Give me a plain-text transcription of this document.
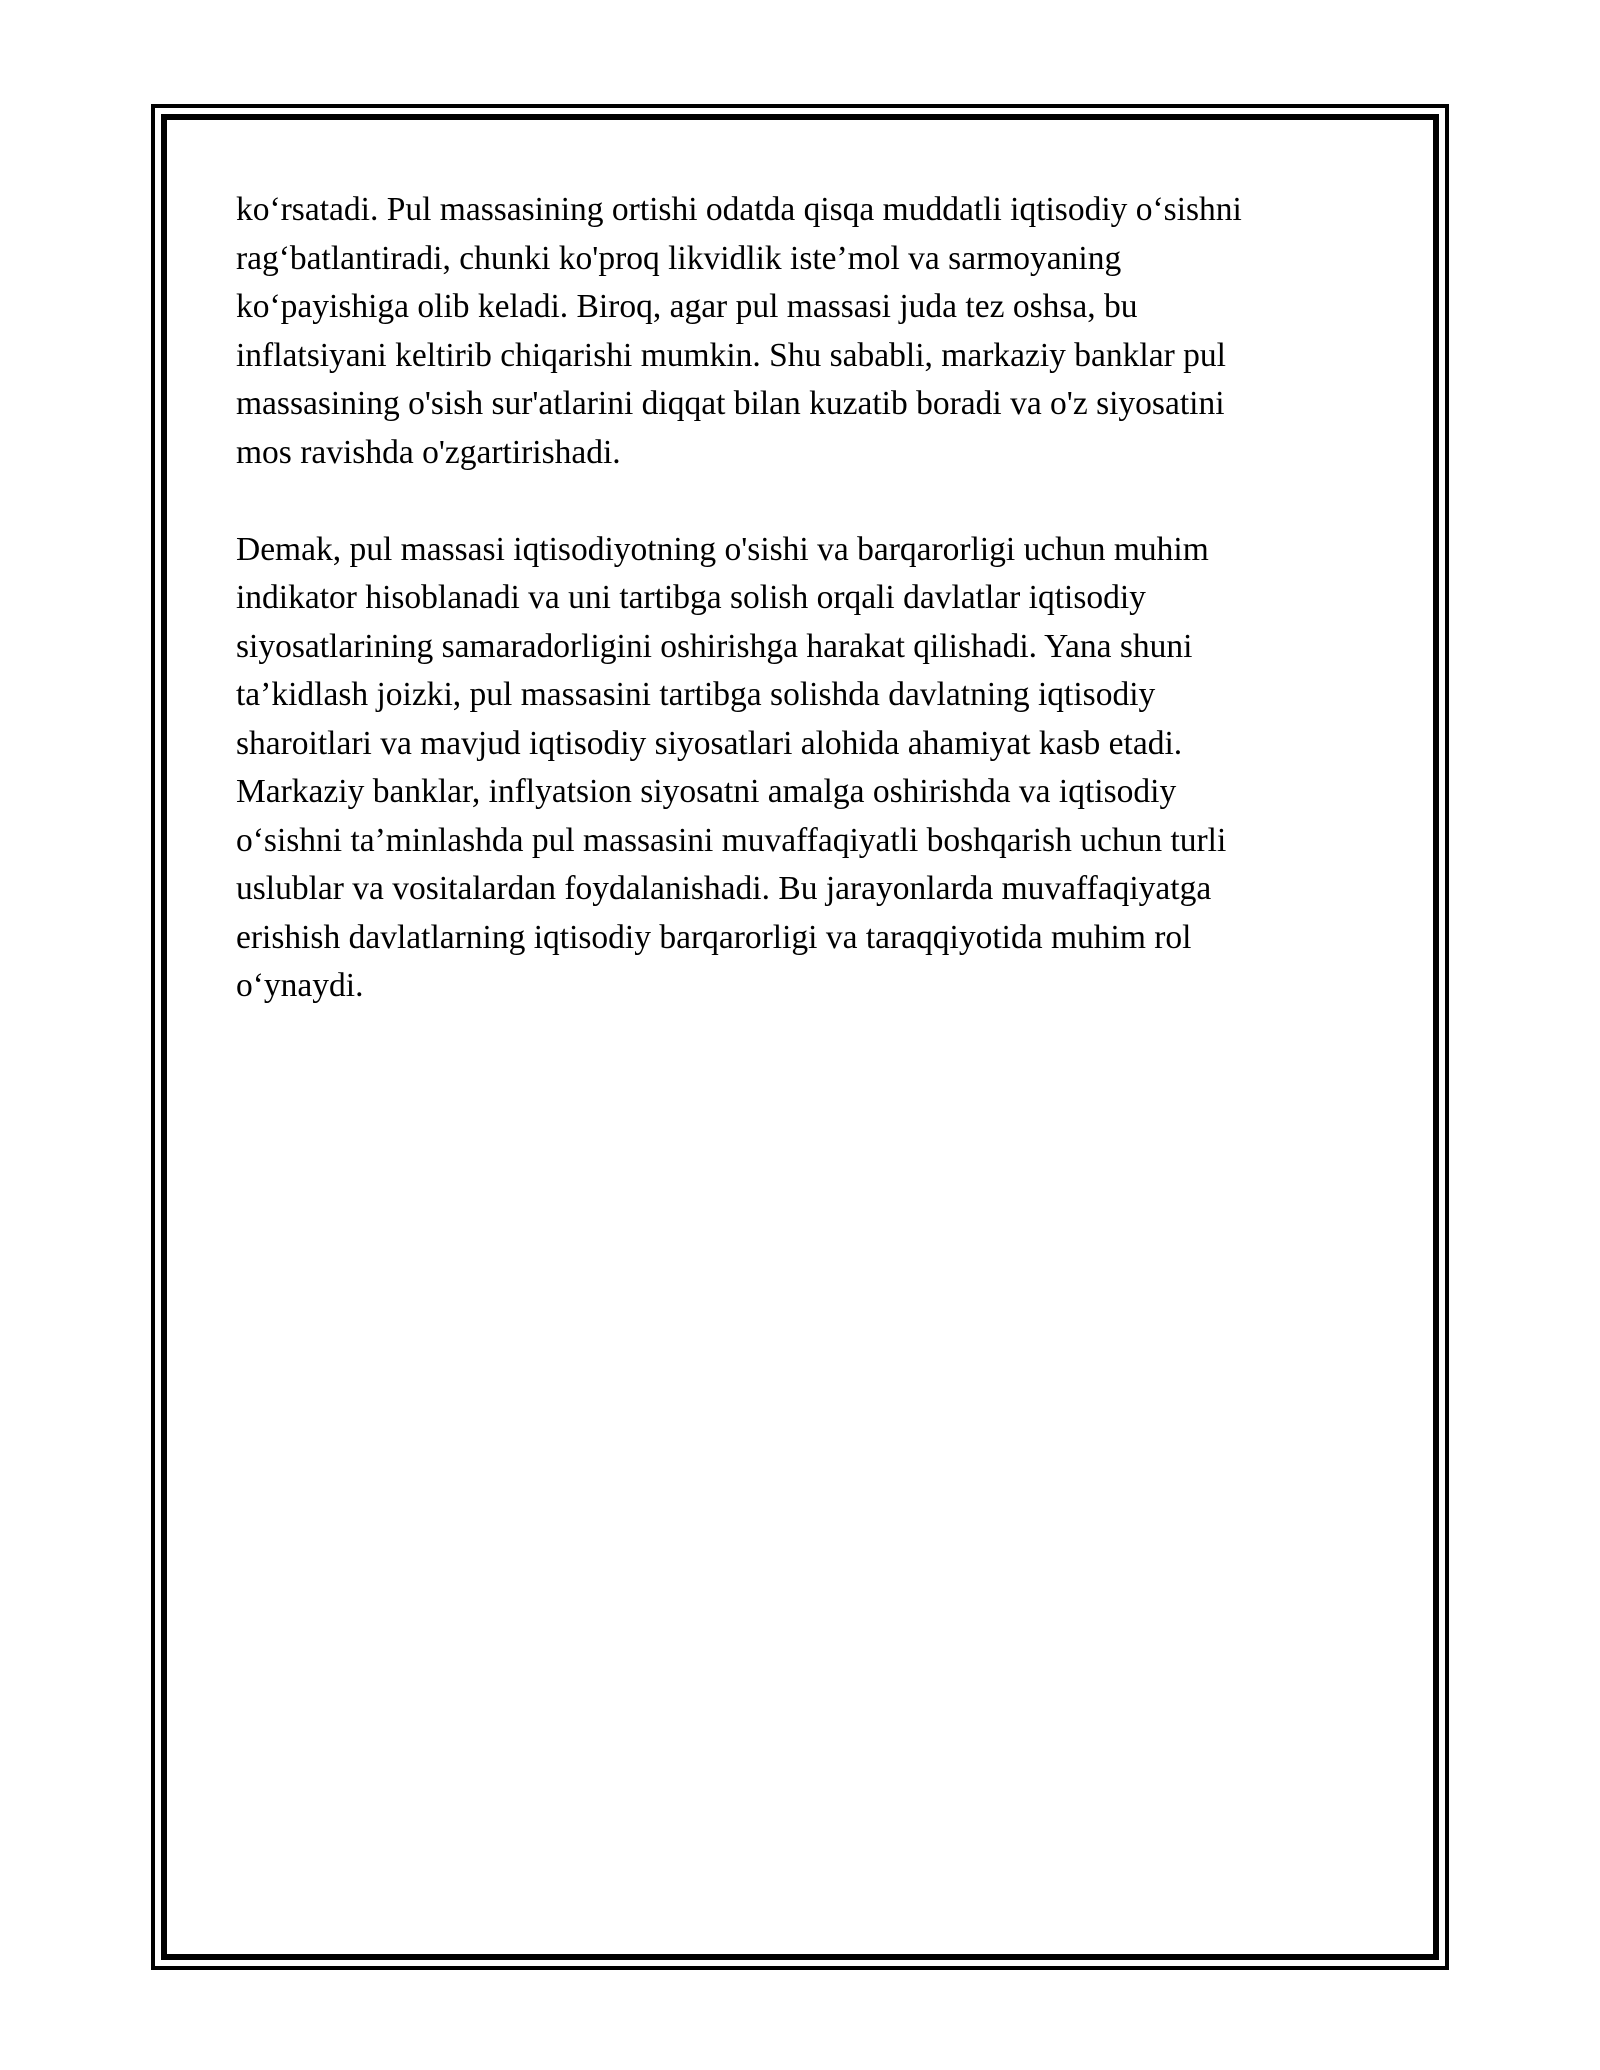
ko‘rsatadi. Pul massasining ortishi odatda qisqa muddatli iqtisodiy o‘sishni
rag‘batlantiradi, chunki ko'proq likvidlik iste’mol va sarmoyaning
ko‘payishiga olib keladi. Biroq, agar pul massasi juda tez oshsa, bu
inflatsiyani keltirib chiqarishi mumkin. Shu sababli, markaziy banklar pul
massasining o'sish sur'atlarini diqqat bilan kuzatib boradi va o'z siyosatini
mos ravishda o'zgartirishadi.

Demak, pul massasi iqtisodiyotning o'sishi va barqarorligi uchun muhim
indikator hisoblanadi va uni tartibga solish orqali davlatlar iqtisodiy
siyosatlarining samaradorligini oshirishga harakat qilishadi. Yana shuni
ta’kidlash joizki, pul massasini tartibga solishda davlatning iqtisodiy
sharoitlari va mavjud iqtisodiy siyosatlari alohida ahamiyat kasb etadi.
Markaziy banklar, inflyatsion siyosatni amalga oshirishda va iqtisodiy
o‘sishni ta’minlashda pul massasini muvaffaqiyatli boshqarish uchun turli
uslublar va vositalardan foydalanishadi. Bu jarayonlarda muvaffaqiyatga
erishish davlatlarning iqtisodiy barqarorligi va taraqqiyotida muhim rol
o‘ynaydi.
